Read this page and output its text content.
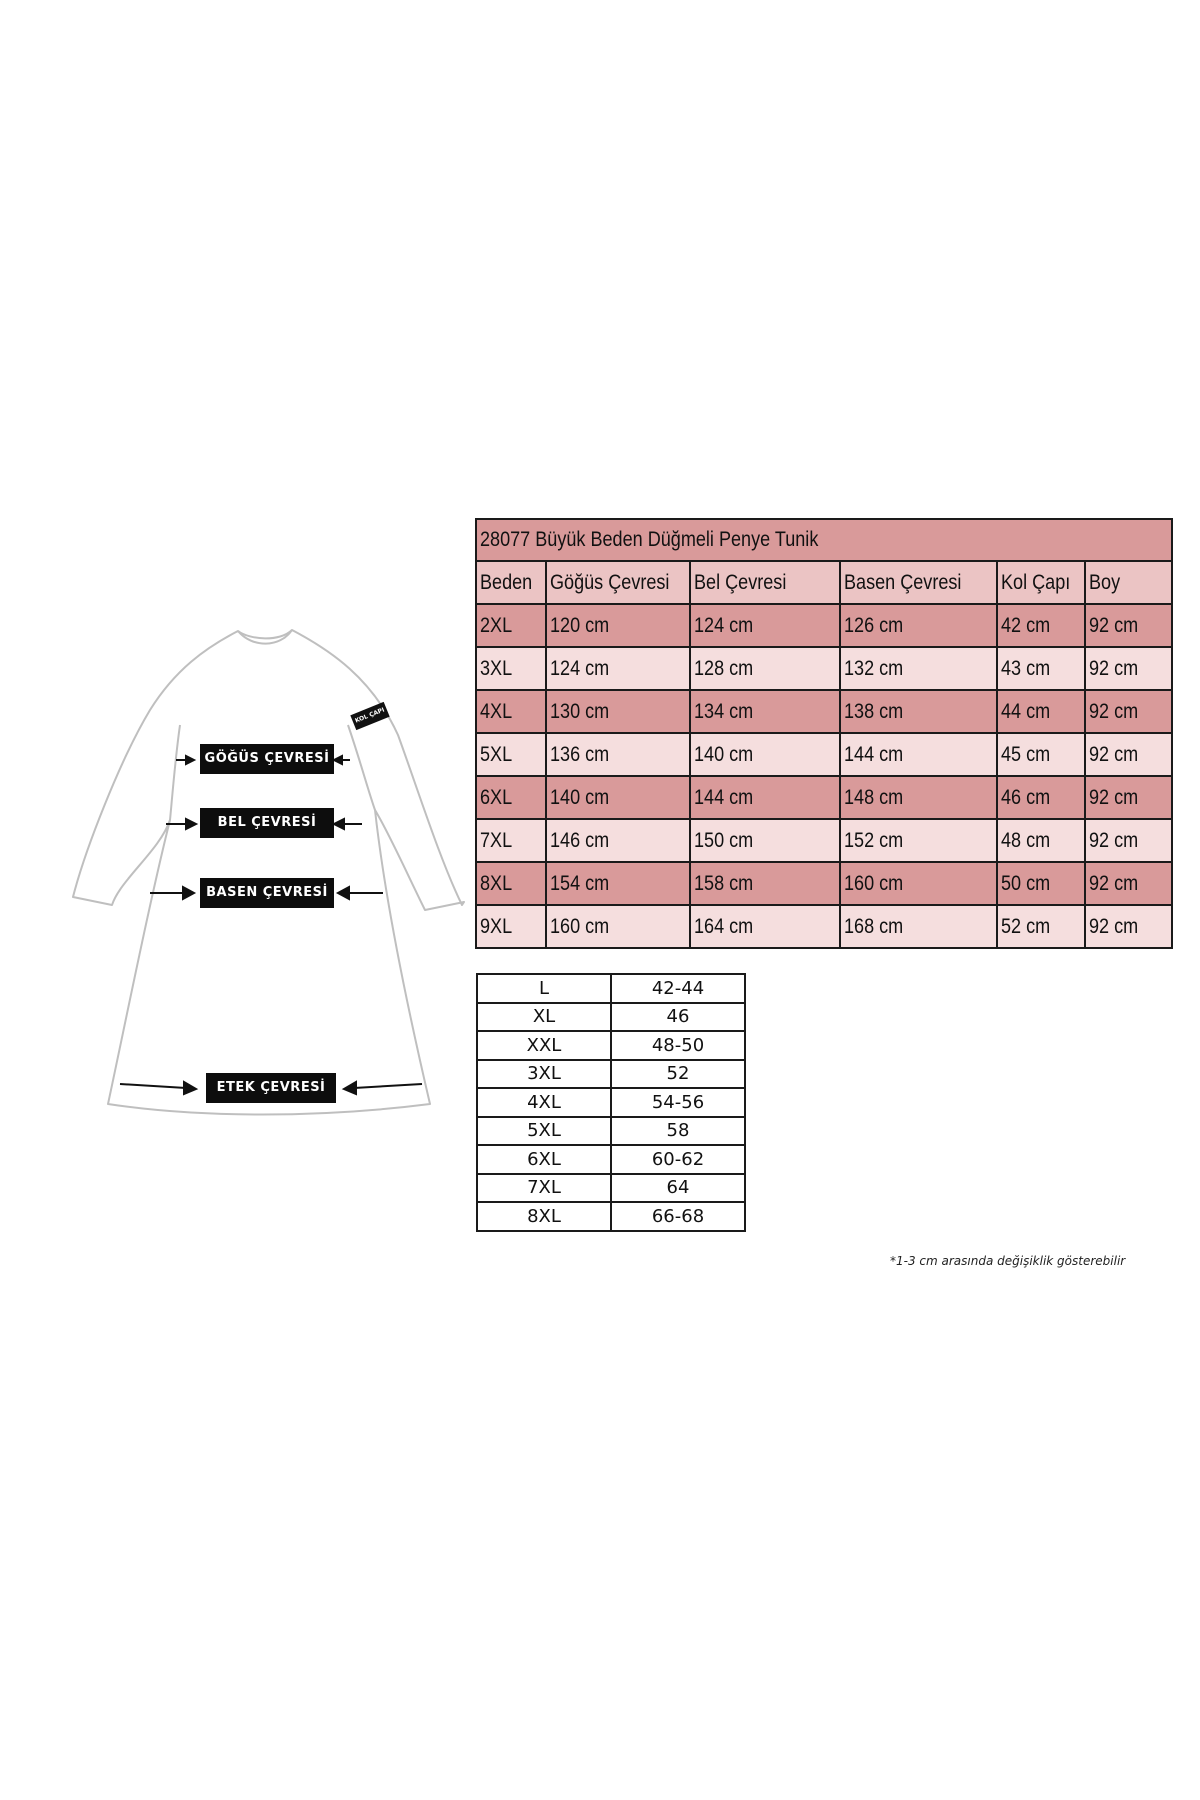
GÖĞÜS ÇEVRESİ
BEL ÇEVRESİ
BASEN ÇEVRESİ
ETEK ÇEVRESİ
KOL ÇAPI
28077 Büyük Beden Düğmeli Penye Tunik					
Beden	Göğüs Çevresi	Bel Çevresi	Basen Çevresi	Kol Çapı	Boy
2XL	120 cm	124 cm	126 cm	42 cm	92 cm
3XL	124 cm	128 cm	132 cm	43 cm	92 cm
4XL	130 cm	134 cm	138 cm	44 cm	92 cm
5XL	136 cm	140 cm	144 cm	45 cm	92 cm
6XL	140 cm	144 cm	148 cm	46 cm	92 cm
7XL	146 cm	150 cm	152 cm	48 cm	92 cm
8XL	154 cm	158 cm	160 cm	50 cm	92 cm
9XL	160 cm	164 cm	168 cm	52 cm	92 cm
L	42-44
XL	46
XXL	48-50
3XL	52
4XL	54-56
5XL	58
6XL	60-62
7XL	64
8XL	66-68
*1-3 cm arasında değişiklik gösterebilir
